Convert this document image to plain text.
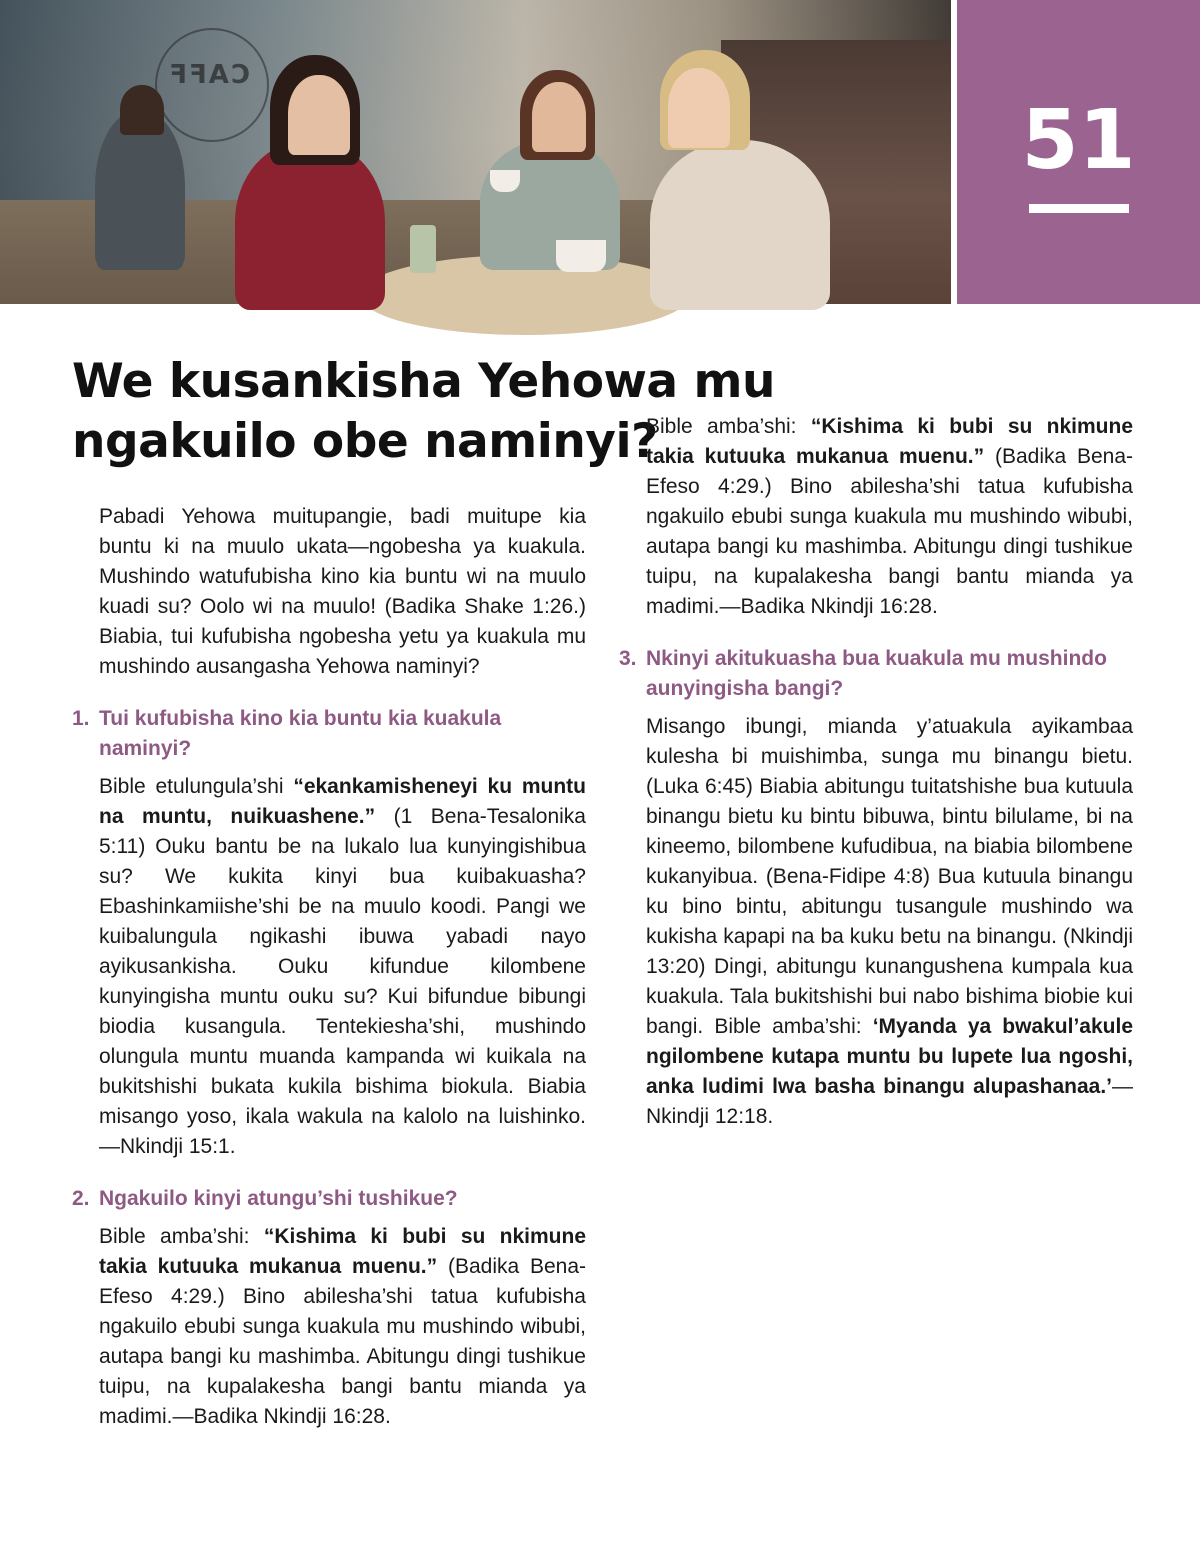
CAFF
51
We kusankisha Yehowa mu
ngakuilo obe naminyi?

Pabadi Yehowa muitupangie, badi muitupe kia buntu ki na muulo ukata—ngobesha ya kuakula. Mushindo watufubisha kino kia buntu wi na muulo kuadi su? Oolo wi na muulo! (Badika Shake 1:26.) Biabia, tui kufubisha ngobesha yetu ya kuakula mu mushindo ausangasha Yehowa naminyi?

1. Tui kufubisha kino kia buntu kia kuakula naminyi?

Bible etulungula’shi “ekankamisheneyi ku muntu na muntu, nuikuashene.” (1 Bena-Tesalonika 5:11) Ouku bantu be na lukalo lua kunyingishibua su? We kukita kinyi bua kuibakuasha? Ebashinkamiishe’shi be na muulo koodi. Pangi we kuibalungula ngikashi ibuwa yabadi nayo ayikusankisha. Ouku kifundue kilombene kunyingisha muntu ouku su? Kui bifundue bibungi biodia kusangula. Tentekiesha’shi, mushindo olungula muntu muanda kampanda wi kuikala na bukitshishi bukata kukila bishima biokula. Biabia misango yoso, ikala wakula na kalolo na luishinko.—Nkindji 15:1.

2. Ngakuilo kinyi atungu’shi tushikue?

Bible amba’shi: “Kishima ki bubi su nkimune takia kutuuka mukanua muenu.” (Badika Bena-Efeso 4:29.) Bino abilesha’shi tatua kufubisha ngakuilo ebubi sunga kuakula mu mushindo wibubi, autapa bangi ku mashimba. Abitungu dingi tushikue tuipu, na kupalakesha bangi bantu mianda ya madimi.—Badika Nkindji 16:28.

Bible amba’shi: “Kishima ki bubi su nkimune takia kutuuka mukanua muenu.” (Badika Bena-Efeso 4:29.) Bino abilesha’shi tatua kufubisha ngakuilo ebubi sunga kuakula mu mushindo wibubi, autapa bangi ku mashimba. Abitungu dingi tushikue tuipu, na kupalakesha bangi bantu mianda ya madimi.—Badika Nkindji 16:28.
3. Nkinyi akitukuasha bua kuakula mu mushindo aunyingisha bangi?

Misango ibungi, mianda y’atuakula ayikambaa kulesha bi muishimba, sunga mu binangu bietu. (Luka 6:45) Biabia abitungu tuitatshishe bua kutuula binangu bietu ku bintu bibuwa, bintu bilulame, bi na kineemo, bilombene kufudibua, na biabia bilombene kukanyibua. (Bena-Fidipe 4:8) Bua kutuula binangu ku bino bintu, abitungu tusangule mushindo wa kukisha kapapi na ba kuku betu na binangu. (Nkindji 13:20) Dingi, abitungu kunangushena kumpala kua kuakula. Tala bukitshishi bui nabo bishima biobie kui bangi. Bible amba’shi: ‘Myanda ya bwakul’akule ngilombene kutapa muntu bu lupete lua ngoshi, anka ludimi lwa basha binangu alupashanaa.’—Nkindji 12:18.
